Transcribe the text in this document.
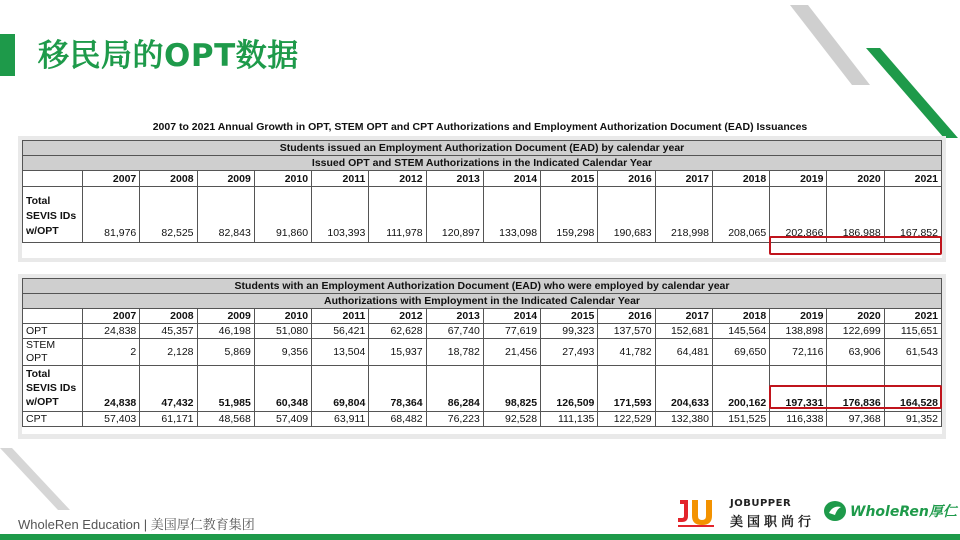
移民局的OPT数据
2007 to 2021 Annual Growth in OPT, STEM OPT and CPT Authorizations and Employment Authorization Document (EAD) Issuances
Students issued an Employment Authorization Document (EAD) by calendar year															
Issued OPT and STEM Authorizations in the Indicated Calendar Year															
	2007	2008	2009	2010	2011	2012	2013	2014	2015	2016	2017	2018	2019	2020	2021

Total
SEVIS IDs
w/OPT	81,976	82,525	82,843	91,860	103,393	111,978	120,897	133,098	159,298	190,683	218,998	208,065	202,866	186,988	167,852
Students with an Employment Authorization Document (EAD) who were employed by calendar year															
Authorizations with Employment in the Indicated Calendar Year															
	2007	2008	2009	2010	2011	2012	2013	2014	2015	2016	2017	2018	2019	2020	2021
OPT	24,838	45,357	46,198	51,080	56,421	62,628	67,740	77,619	99,323	137,570	152,681	145,564	138,898	122,699	115,651
STEM OPT	2	2,128	5,869	9,356	13,504	15,937	18,782	21,456	27,493	41,782	64,481	69,650	72,116	63,906	61,543

Total
SEVIS IDs
w/OPT	24,838	47,432	51,985	60,348	69,804	78,364	86,284	98,825	126,509	171,593	204,633	200,162	197,331	176,836	164,528
CPT	57,403	61,171	48,568	57,409	63,911	68,482	76,223	92,528	111,135	122,529	132,380	151,525	116,338	97,368	91,352
WholeRen Education | 美国厚仁教育集团
JOBUPPER
美国职尚行
WholeRen厚仁
